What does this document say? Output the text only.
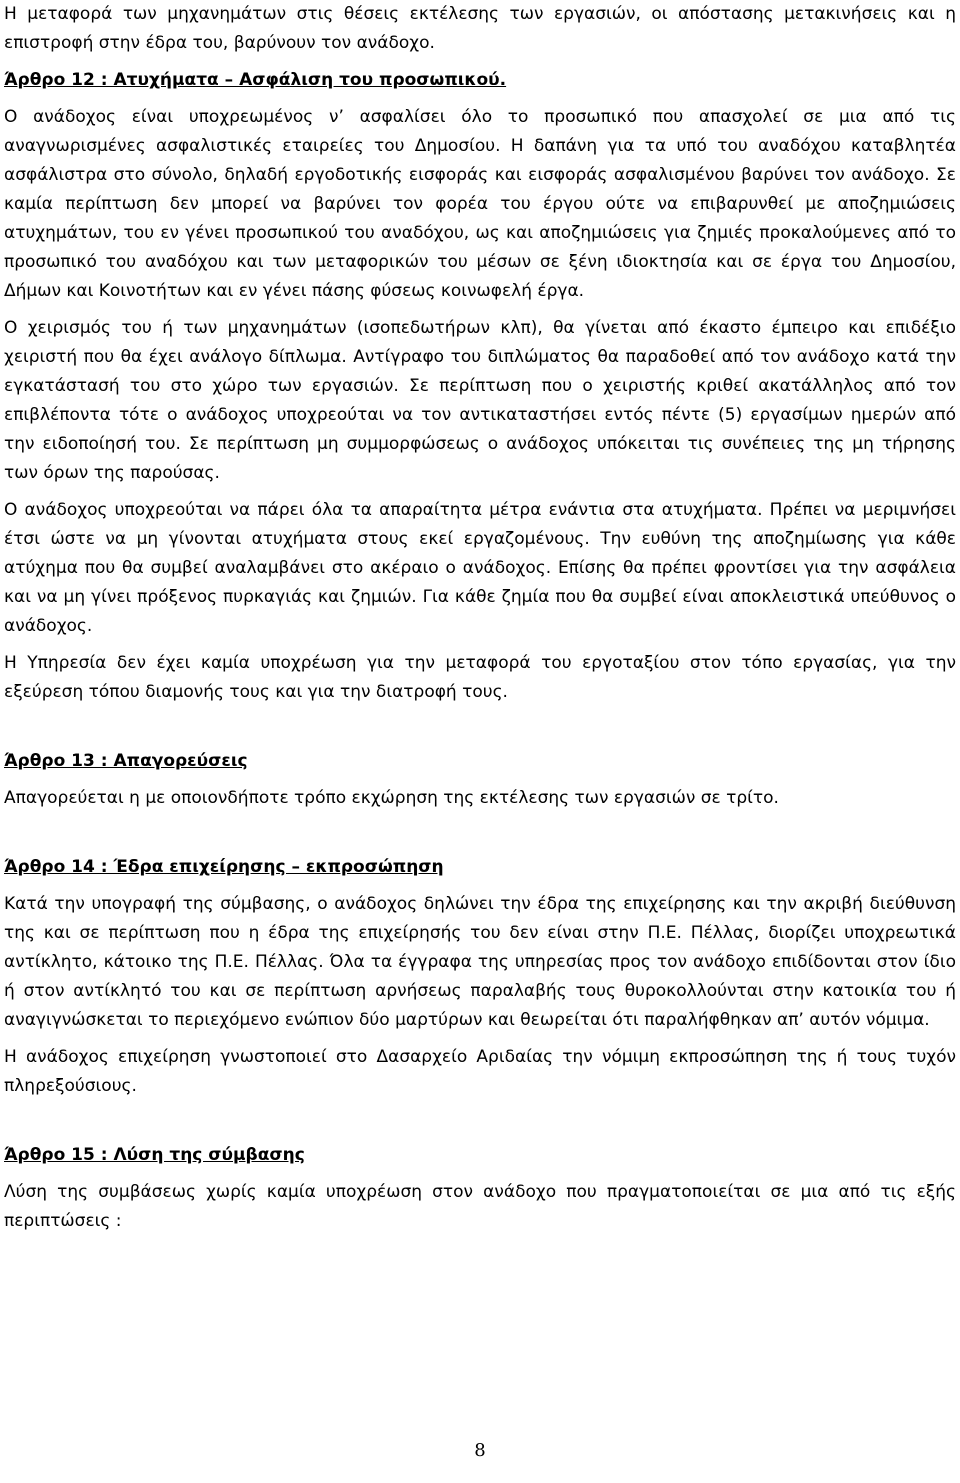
Η μεταφορά των μηχανημάτων στις θέσεις εκτέλεσης των εργασιών, οι απόστασης μετακινήσεις και η επιστροφή στην έδρα του, βαρύνουν τον ανάδοχο.

Άρθρο 12 : Ατυχήματα – Ασφάλιση του προσωπικού.

Ο ανάδοχος είναι υποχρεωμένος ν’ ασφαλίσει όλο το προσωπικό που απασχολεί σε μια από τις αναγνωρισμένες ασφαλιστικές εταιρείες του Δημοσίου. Η δαπάνη για τα υπό του αναδόχου καταβλητέα ασφάλιστρα στο σύνολο, δηλαδή εργοδοτικής εισφοράς και εισφοράς ασφαλισμένου βαρύνει τον ανάδοχο. Σε καμία περίπτωση δεν μπορεί να βαρύνει τον φορέα του έργου ούτε να επιβαρυνθεί με αποζημιώσεις ατυχημάτων, του εν γένει προσωπικού του αναδόχου, ως και αποζημιώσεις για ζημιές προκαλούμενες από το προσωπικό του αναδόχου και των μεταφορικών του μέσων σε ξένη ιδιοκτησία και σε έργα του Δημοσίου, Δήμων και Κοινοτήτων και εν γένει πάσης φύσεως κοινωφελή έργα.

Ο χειρισμός του ή των μηχανημάτων (ισοπεδωτήρων κλπ), θα γίνεται από έκαστο έμπειρο και επιδέξιο χειριστή που θα έχει ανάλογο δίπλωμα. Αντίγραφο του διπλώματος θα παραδοθεί από τον ανάδοχο κατά την εγκατάστασή του στο χώρο των εργασιών. Σε περίπτωση που ο χειριστής κριθεί ακατάλληλος από τον επιβλέποντα τότε ο ανάδοχος υποχρεούται να τον αντικαταστήσει εντός πέντε (5) εργασίμων ημερών από την ειδοποίησή του. Σε περίπτωση μη συμμορφώσεως ο ανάδοχος υπόκειται τις συνέπειες της μη τήρησης των όρων της παρούσας.

Ο ανάδοχος υποχρεούται να πάρει όλα τα απαραίτητα μέτρα ενάντια στα ατυχήματα. Πρέπει να μεριμνήσει έτσι ώστε να μη γίνονται ατυχήματα στους εκεί εργαζομένους. Την ευθύνη της αποζημίωσης για κάθε ατύχημα που θα συμβεί αναλαμβάνει στο ακέραιο ο ανάδοχος. Επίσης θα πρέπει φροντίσει για την ασφάλεια και να μη γίνει πρόξενος πυρκαγιάς και ζημιών. Για κάθε ζημία που θα συμβεί είναι αποκλειστικά υπεύθυνος ο ανάδοχος.

Η Υπηρεσία δεν έχει καμία υποχρέωση για την μεταφορά του εργοταξίου στον τόπο εργασίας, για την εξεύρεση τόπου διαμονής τους και για την διατροφή τους.

Άρθρο 13 : Απαγορεύσεις

Απαγορεύεται η με οποιονδήποτε τρόπο εκχώρηση της εκτέλεσης των εργασιών σε τρίτο.

Άρθρο 14 : Έδρα επιχείρησης – εκπροσώπηση

Κατά την υπογραφή της σύμβασης, ο ανάδοχος δηλώνει την έδρα της επιχείρησης και την ακριβή διεύθυνση της και σε περίπτωση που η έδρα της επιχείρησής του δεν είναι στην Π.Ε. Πέλλας, διορίζει υποχρεωτικά αντίκλητο, κάτοικο της Π.Ε. Πέλλας. Όλα τα έγγραφα της υπηρεσίας προς τον ανάδοχο επιδίδονται στον ίδιο ή στον αντίκλητό του και σε περίπτωση αρνήσεως παραλαβής τους θυροκολλούνται στην κατοικία του ή αναγιγνώσκεται το περιεχόμενο ενώπιον δύο μαρτύρων και θεωρείται ότι παραλήφθηκαν απ’ αυτόν νόμιμα.

Η ανάδοχος επιχείρηση γνωστοποιεί στο Δασαρχείο Αριδαίας την νόμιμη εκπροσώπηση της ή τους τυχόν πληρεξούσιους.

Άρθρο 15 : Λύση της σύμβασης

Λύση της συμβάσεως χωρίς καμία υποχρέωση στον ανάδοχο που πραγματοποιείται σε μια από τις εξής περιπτώσεις :

8
